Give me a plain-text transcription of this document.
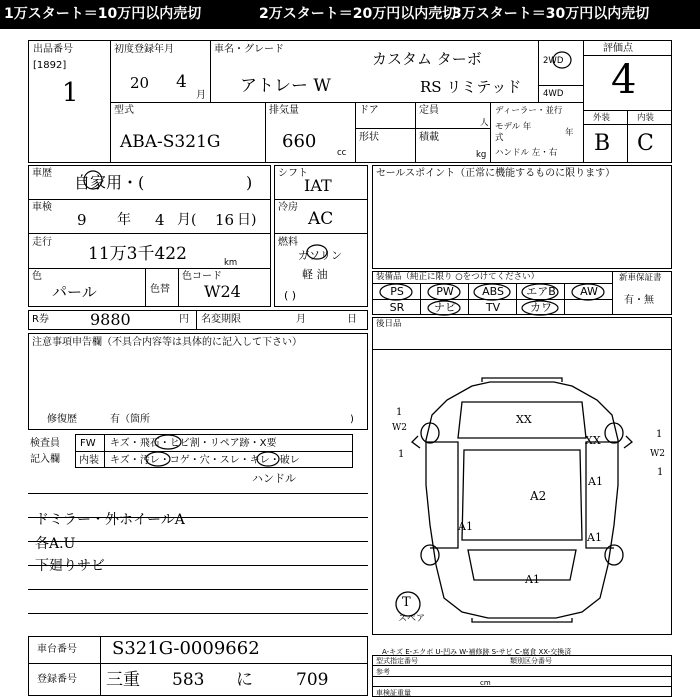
1万スタート＝10万円以内売切	2万スタート＝20万円以内売切
3万スタート＝30万円以内売切
出品番号
[1892]
1
初度登録年月
20 4
月
車名・グレード
カスタム ターボ
アトレー W	RS リミテッド
2WD
4WD
評価点
4
外装	内装
B C
型式
ABA-S321G
排気量
660
cc
ドア	定員
人
形状	積載
kg
ディーラー・並行
モデル 年式	年
ハンドル 左・右
車歴 自家用・(	)
車検
9 年 4 月( 16 日)
走行
11万3千422	km
色
パール	色替
色コード
W24
シフト
IAT
冷房
AC
燃料
ガソリン
軽 油
( )
セールスポイント（正常に機能するものに限ります）
装備品（純正に限り ○をつけてください）
PS	PW	ABS	エアB	AW
SR	ナビ	TV	カワ
新車保証書
有・無
R券	9880	円 名変期限	月	日 後日品
注意事項申告欄（不具合内容等は具体的に記入して下さい）
修復歴	有（箇所	)
検査員
記入欄
FW キズ・飛石・ヒビ割・リペア跡・X要
内装 キズ・汚レ・コゲ・穴・スレ・キレ・破レ
ハンドル
ドミラー・外ホイールA
各A.U
下廻りサビ
車台番号 S321G-0009662
登録番号 三重 583 に	709
XX
XX
A2
A1
A1
A1
A1
T
1
W2
1
1
W2
1
スペア
A-キズ E-エクボ U-凹み W-補修跡 S-サビ C-腐食 XX-交換済
型式指定番号	類別区分番号
参考
cm
車検証重量
